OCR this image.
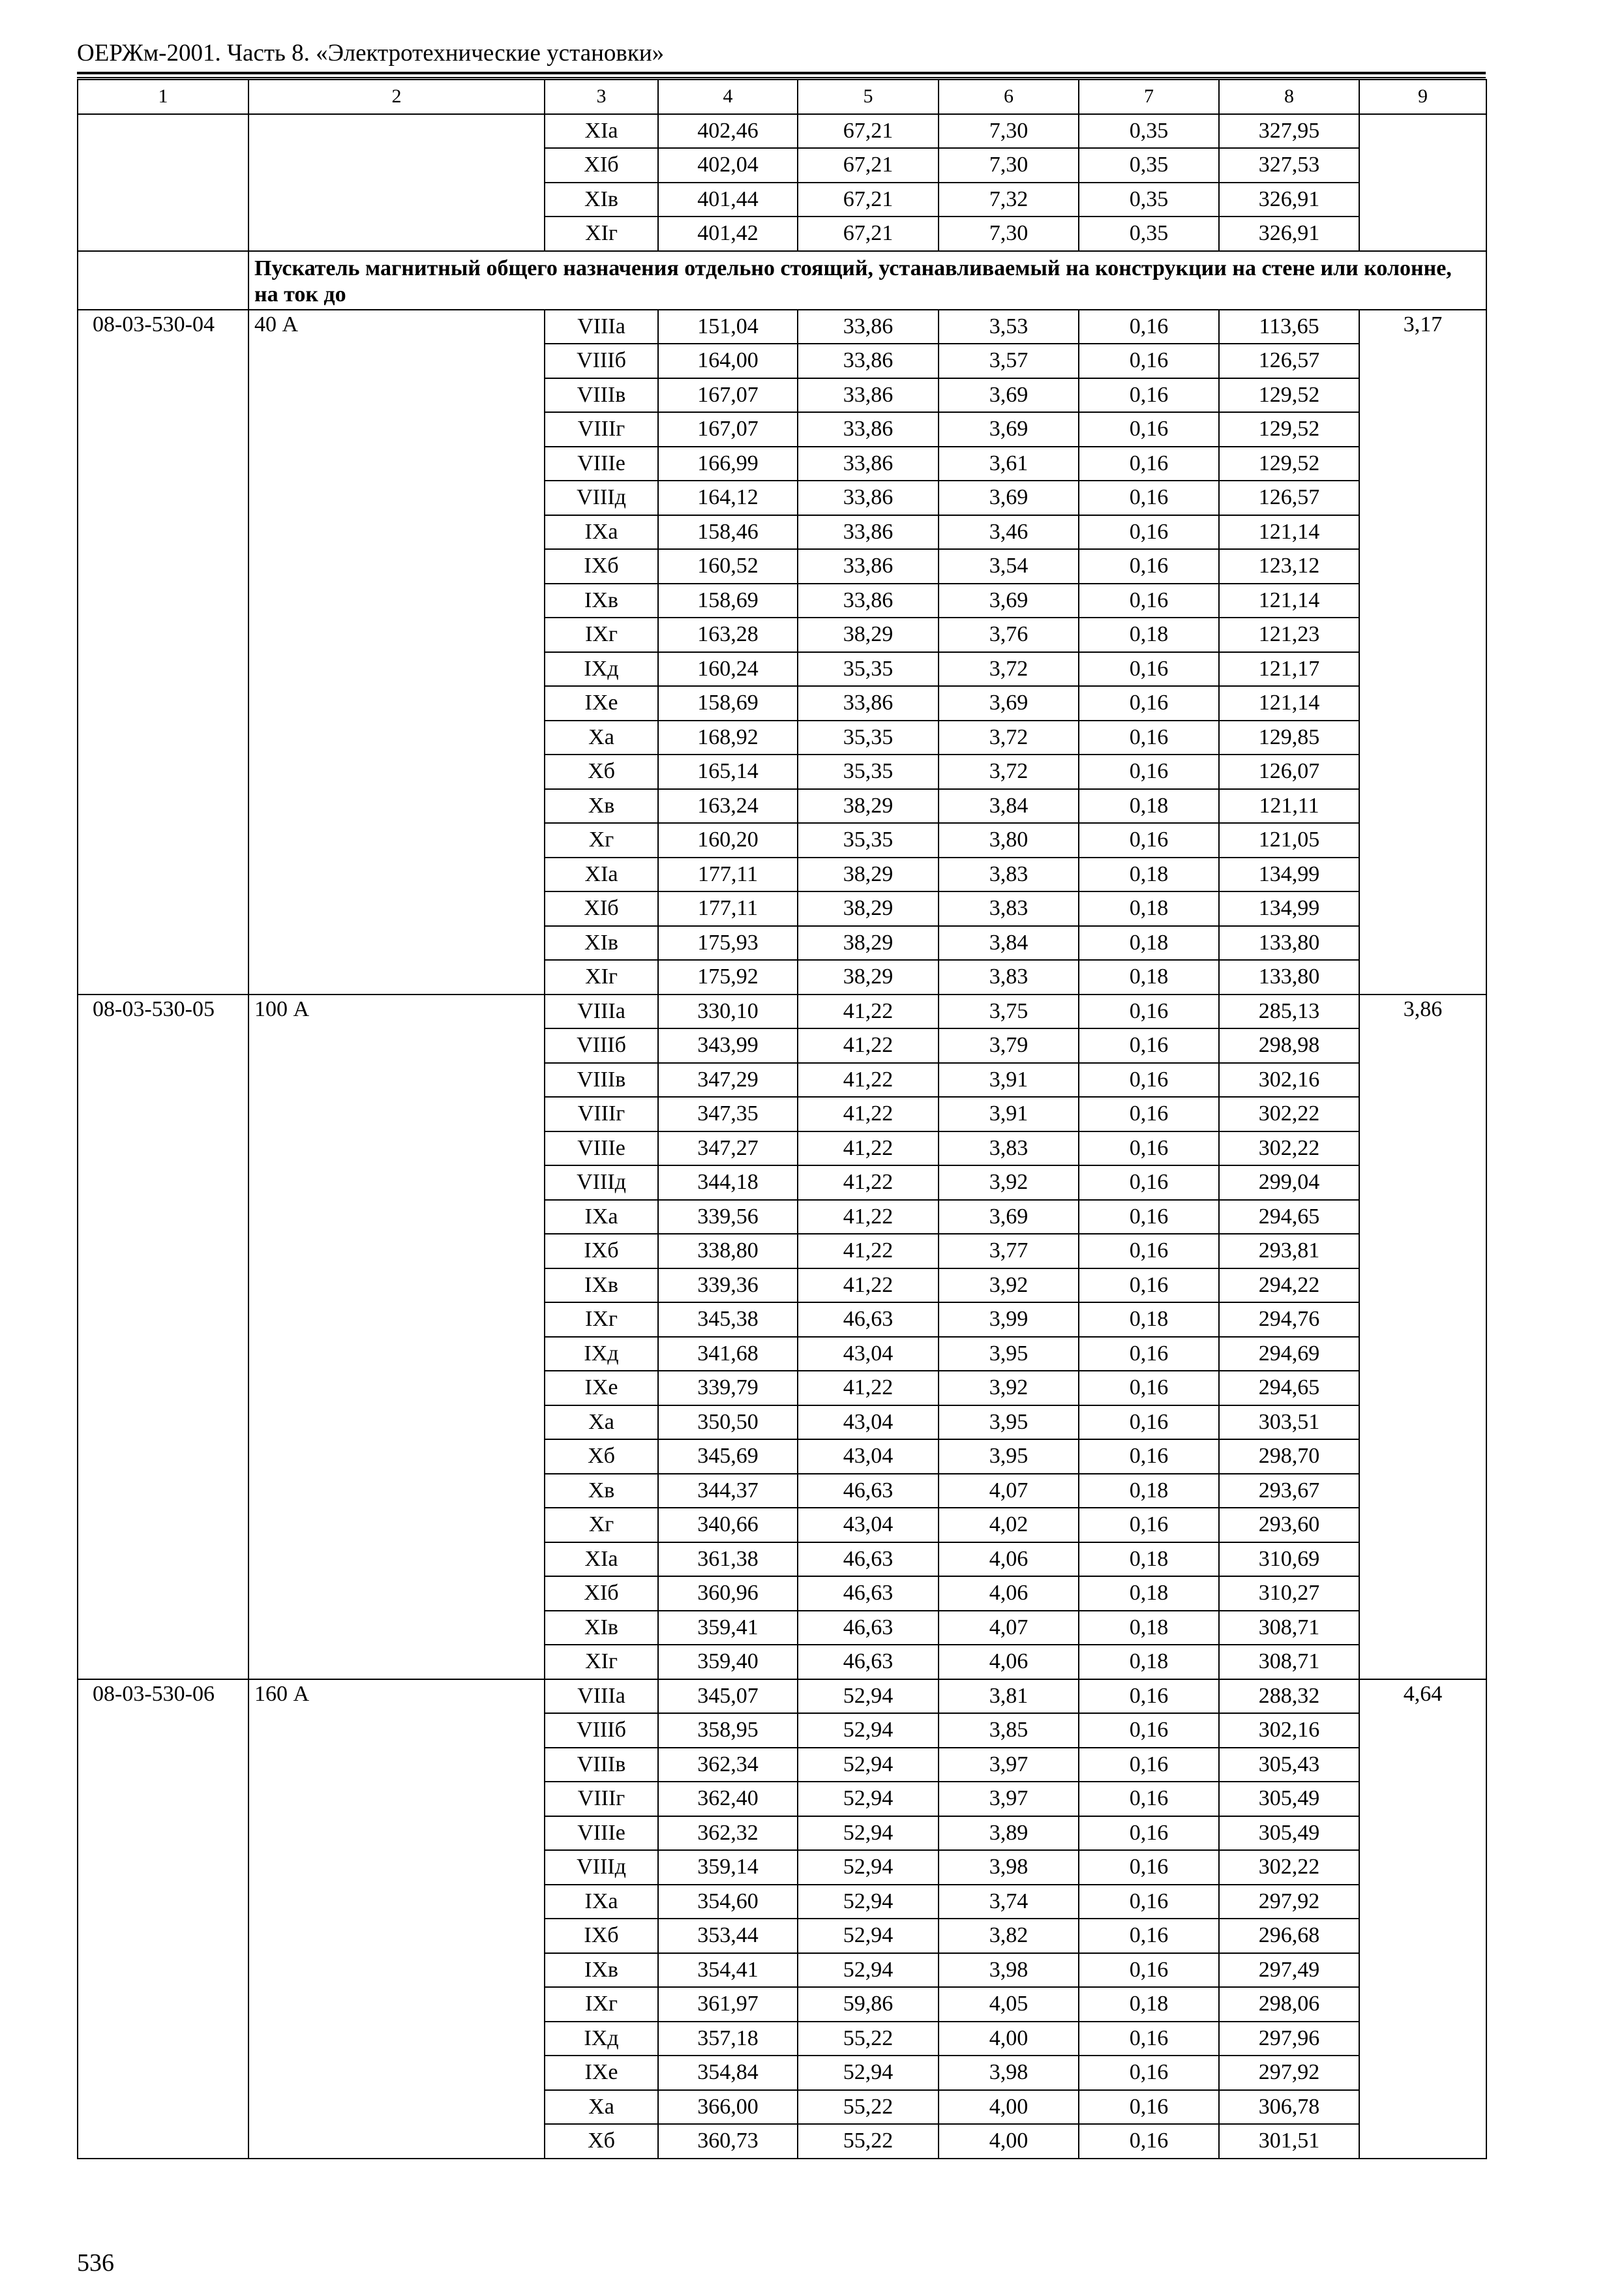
ОЕРЖм-2001. Часть 8. «Электротехнические установки»
1	2	3	4	5	6	7	8	9
		XIa	402,46	67,21	7,30	0,35	327,95	
		XIб	402,04	67,21	7,30	0,35	327,53	
		XIв	401,44	67,21	7,32	0,35	326,91	
		XIг	401,42	67,21	7,30	0,35	326,91	
	Пускатель магнитный общего назначения отдельно стоящий, устанавливаемый на конструкции на стене или колонне, на ток до							
08-03-530-04	40 А	VIIIa	151,04	33,86	3,53	0,16	113,65	3,17
		VIIIб	164,00	33,86	3,57	0,16	126,57	
		VIIIв	167,07	33,86	3,69	0,16	129,52	
		VIIIг	167,07	33,86	3,69	0,16	129,52	
		VIIIe	166,99	33,86	3,61	0,16	129,52	
		VIIIд	164,12	33,86	3,69	0,16	126,57	
		IXa	158,46	33,86	3,46	0,16	121,14	
		IXб	160,52	33,86	3,54	0,16	123,12	
		IXв	158,69	33,86	3,69	0,16	121,14	
		IXг	163,28	38,29	3,76	0,18	121,23	
		IXд	160,24	35,35	3,72	0,16	121,17	
		IXe	158,69	33,86	3,69	0,16	121,14	
		Xa	168,92	35,35	3,72	0,16	129,85	
		Xб	165,14	35,35	3,72	0,16	126,07	
		Xв	163,24	38,29	3,84	0,18	121,11	
		Xг	160,20	35,35	3,80	0,16	121,05	
		XIa	177,11	38,29	3,83	0,18	134,99	
		XIб	177,11	38,29	3,83	0,18	134,99	
		XIв	175,93	38,29	3,84	0,18	133,80	
		XIг	175,92	38,29	3,83	0,18	133,80	
08-03-530-05	100 А	VIIIa	330,10	41,22	3,75	0,16	285,13	3,86
		VIIIб	343,99	41,22	3,79	0,16	298,98	
		VIIIв	347,29	41,22	3,91	0,16	302,16	
		VIIIг	347,35	41,22	3,91	0,16	302,22	
		VIIIe	347,27	41,22	3,83	0,16	302,22	
		VIIIд	344,18	41,22	3,92	0,16	299,04	
		IXa	339,56	41,22	3,69	0,16	294,65	
		IXб	338,80	41,22	3,77	0,16	293,81	
		IXв	339,36	41,22	3,92	0,16	294,22	
		IXг	345,38	46,63	3,99	0,18	294,76	
		IXд	341,68	43,04	3,95	0,16	294,69	
		IXe	339,79	41,22	3,92	0,16	294,65	
		Xa	350,50	43,04	3,95	0,16	303,51	
		Xб	345,69	43,04	3,95	0,16	298,70	
		Xв	344,37	46,63	4,07	0,18	293,67	
		Xг	340,66	43,04	4,02	0,16	293,60	
		XIa	361,38	46,63	4,06	0,18	310,69	
		XIб	360,96	46,63	4,06	0,18	310,27	
		XIв	359,41	46,63	4,07	0,18	308,71	
		XIг	359,40	46,63	4,06	0,18	308,71	
08-03-530-06	160 А	VIIIa	345,07	52,94	3,81	0,16	288,32	4,64
		VIIIб	358,95	52,94	3,85	0,16	302,16	
		VIIIв	362,34	52,94	3,97	0,16	305,43	
		VIIIг	362,40	52,94	3,97	0,16	305,49	
		VIIIe	362,32	52,94	3,89	0,16	305,49	
		VIIIд	359,14	52,94	3,98	0,16	302,22	
		IXa	354,60	52,94	3,74	0,16	297,92	
		IXб	353,44	52,94	3,82	0,16	296,68	
		IXв	354,41	52,94	3,98	0,16	297,49	
		IXг	361,97	59,86	4,05	0,18	298,06	
		IXд	357,18	55,22	4,00	0,16	297,96	
		IXe	354,84	52,94	3,98	0,16	297,92	
		Xa	366,00	55,22	4,00	0,16	306,78	
		Xб	360,73	55,22	4,00	0,16	301,51	
536
